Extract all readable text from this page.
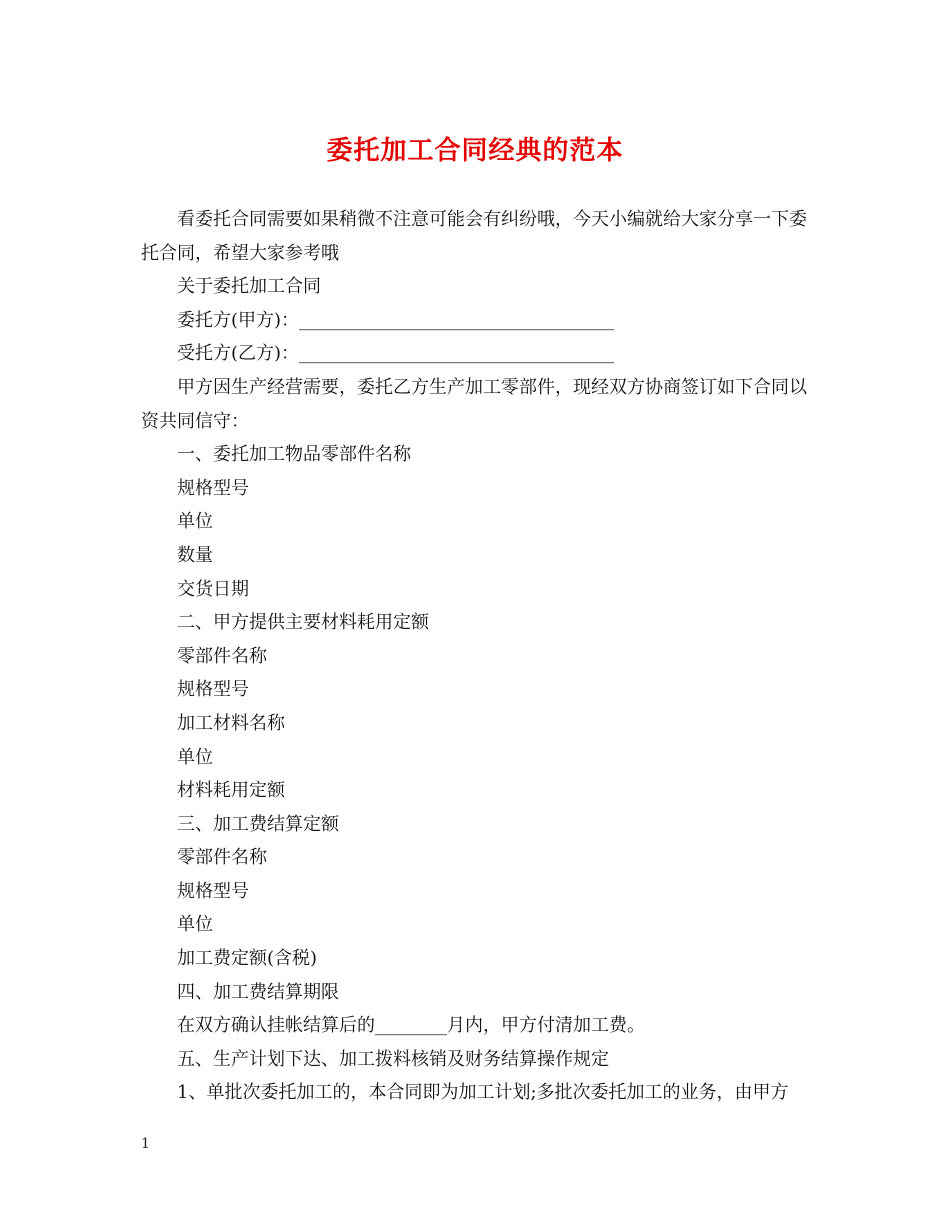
委托加工合同经典的范本

看委托合同需要如果稍微不注意可能会有纠纷哦，今天小编就给大家分享一下委托合同，希望大家参考哦

关于委托加工合同

委托方(甲方)：___________________________________

受托方(乙方)：___________________________________

甲方因生产经营需要，委托乙方生产加工零部件，现经双方协商签订如下合同以资共同信守：

一、委托加工物品零部件名称

规格型号

单位

数量

交货日期

二、甲方提供主要材料耗用定额

零部件名称

规格型号

加工材料名称

单位

材料耗用定额

三、加工费结算定额

零部件名称

规格型号

单位

加工费定额(含税)

四、加工费结算期限

在双方确认挂帐结算后的________月内，甲方付清加工费。

五、生产计划下达、加工拨料核销及财务结算操作规定

1、单批次委托加工的，本合同即为加工计划;多批次委托加工的业务，由甲方

1
